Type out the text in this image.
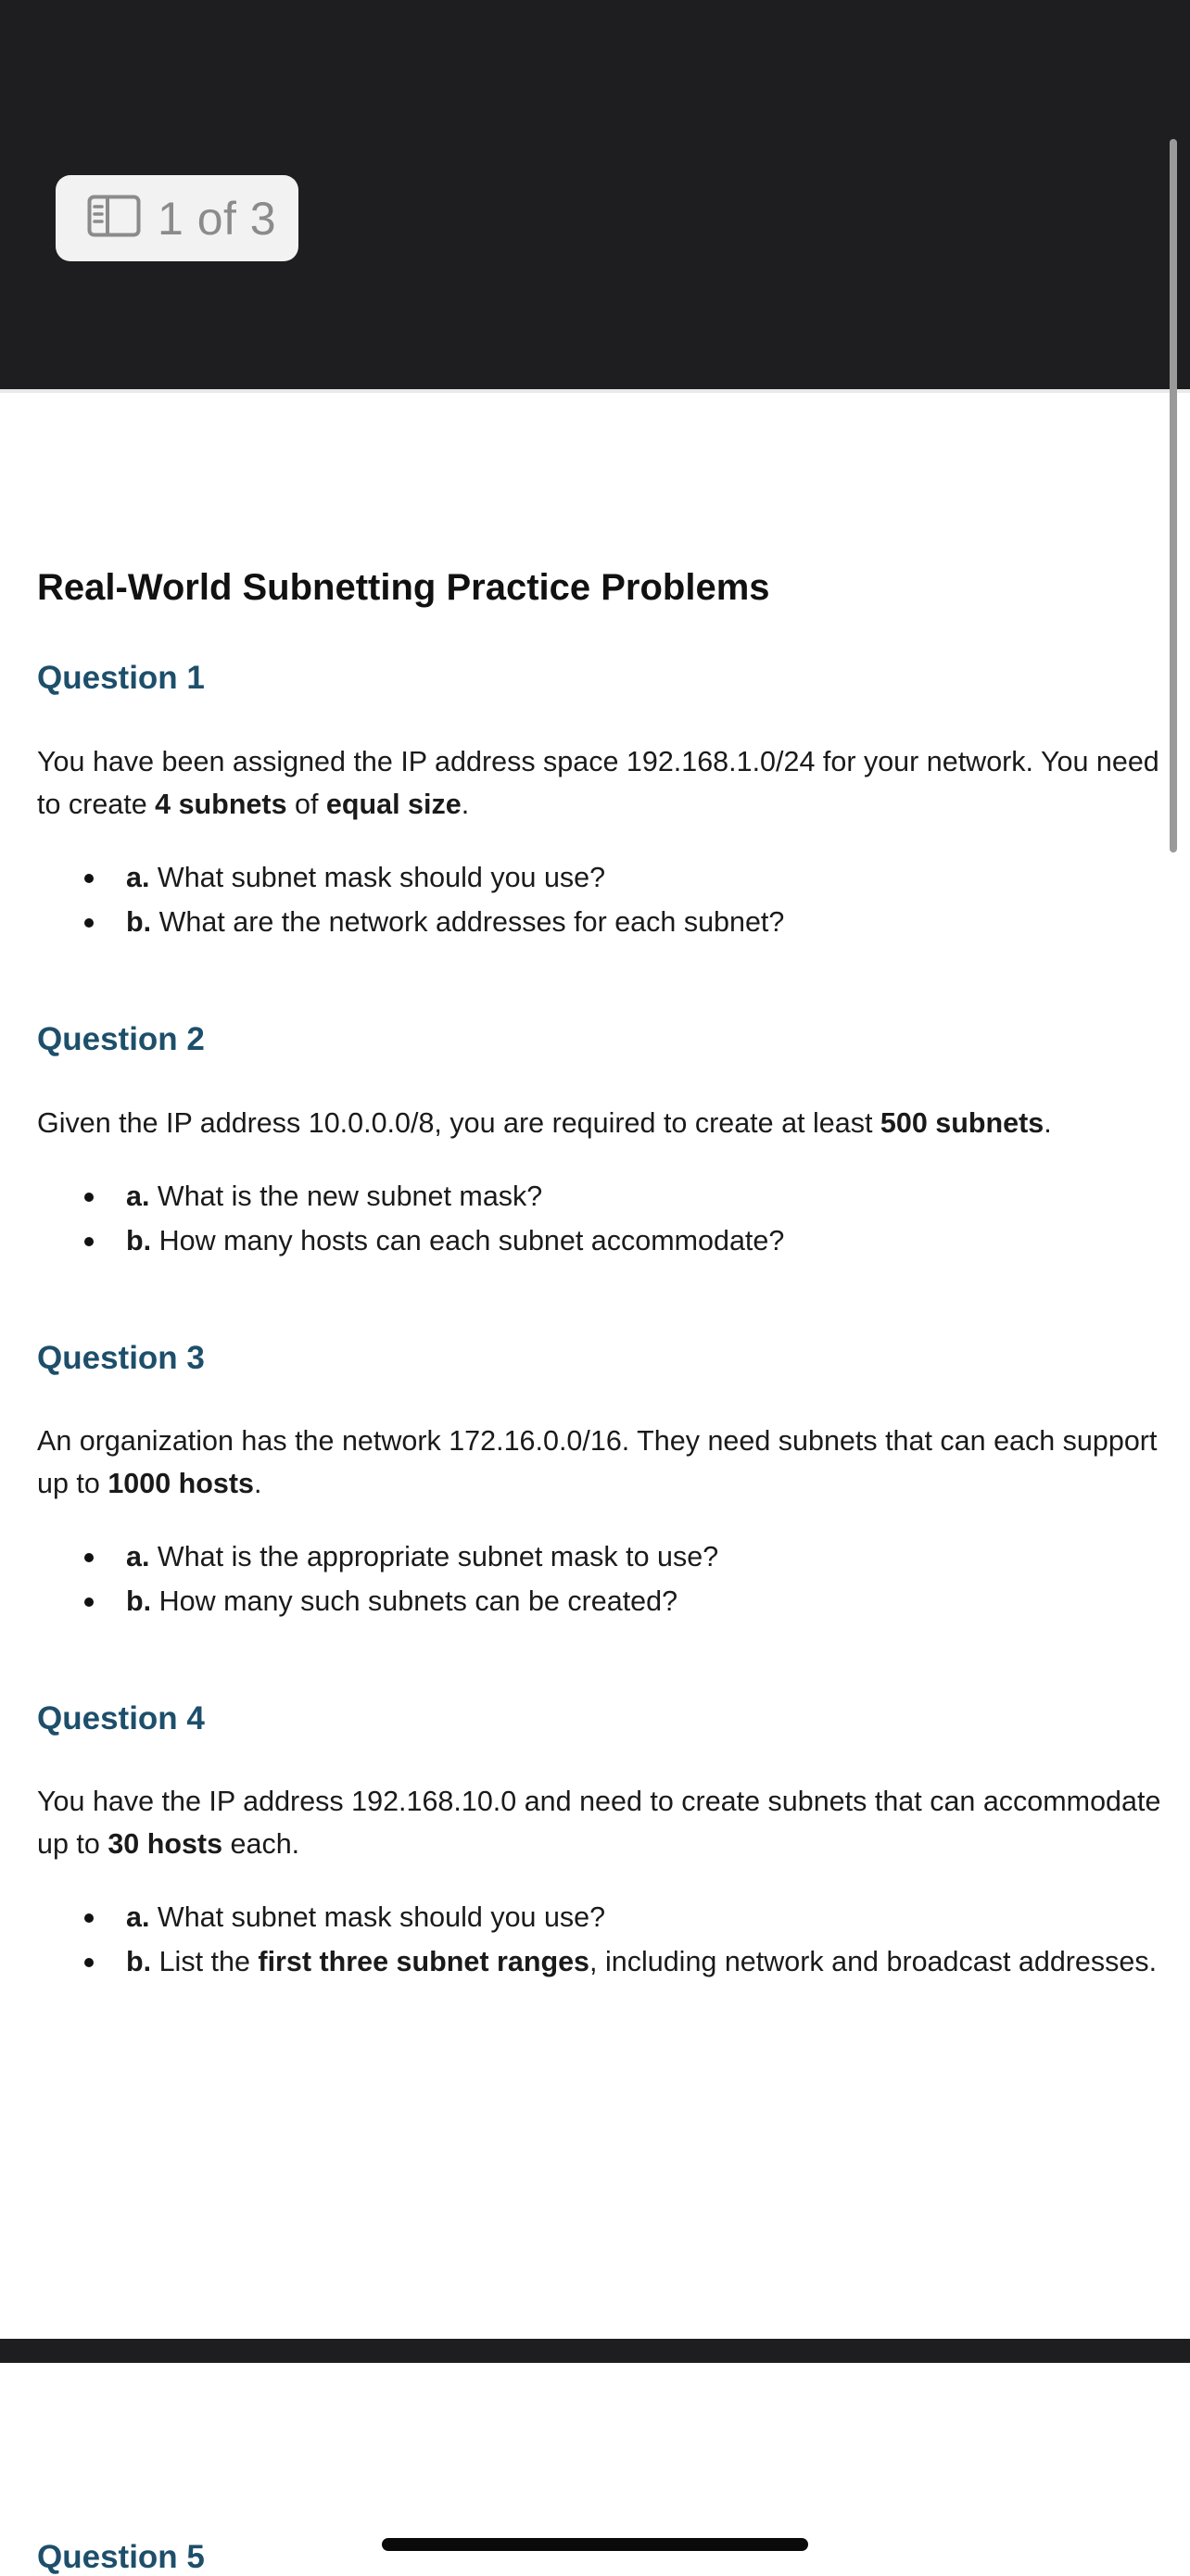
1 of 3
Real-World Subnetting Practice Problems
Question 1

You have been assigned the IP address space 192.168.1.0/24 for your network. You need to create 4 subnets of equal size.

a. What subnet mask should you use?
b. What are the network addresses for each subnet?
Question 2

Given the IP address 10.0.0.0/8, you are required to create at least 500 subnets.

a. What is the new subnet mask?
b. How many hosts can each subnet accommodate?
Question 3

An organization has the network 172.16.0.0/16. They need subnets that can each support up to 1000 hosts.

a. What is the appropriate subnet mask to use?
b. How many such subnets can be created?
Question 4

You have the IP address 192.168.10.0 and need to create subnets that can accommodate up to 30 hosts each.

a. What subnet mask should you use?
b. List the first three subnet ranges, including network and broadcast addresses.
Question 5
